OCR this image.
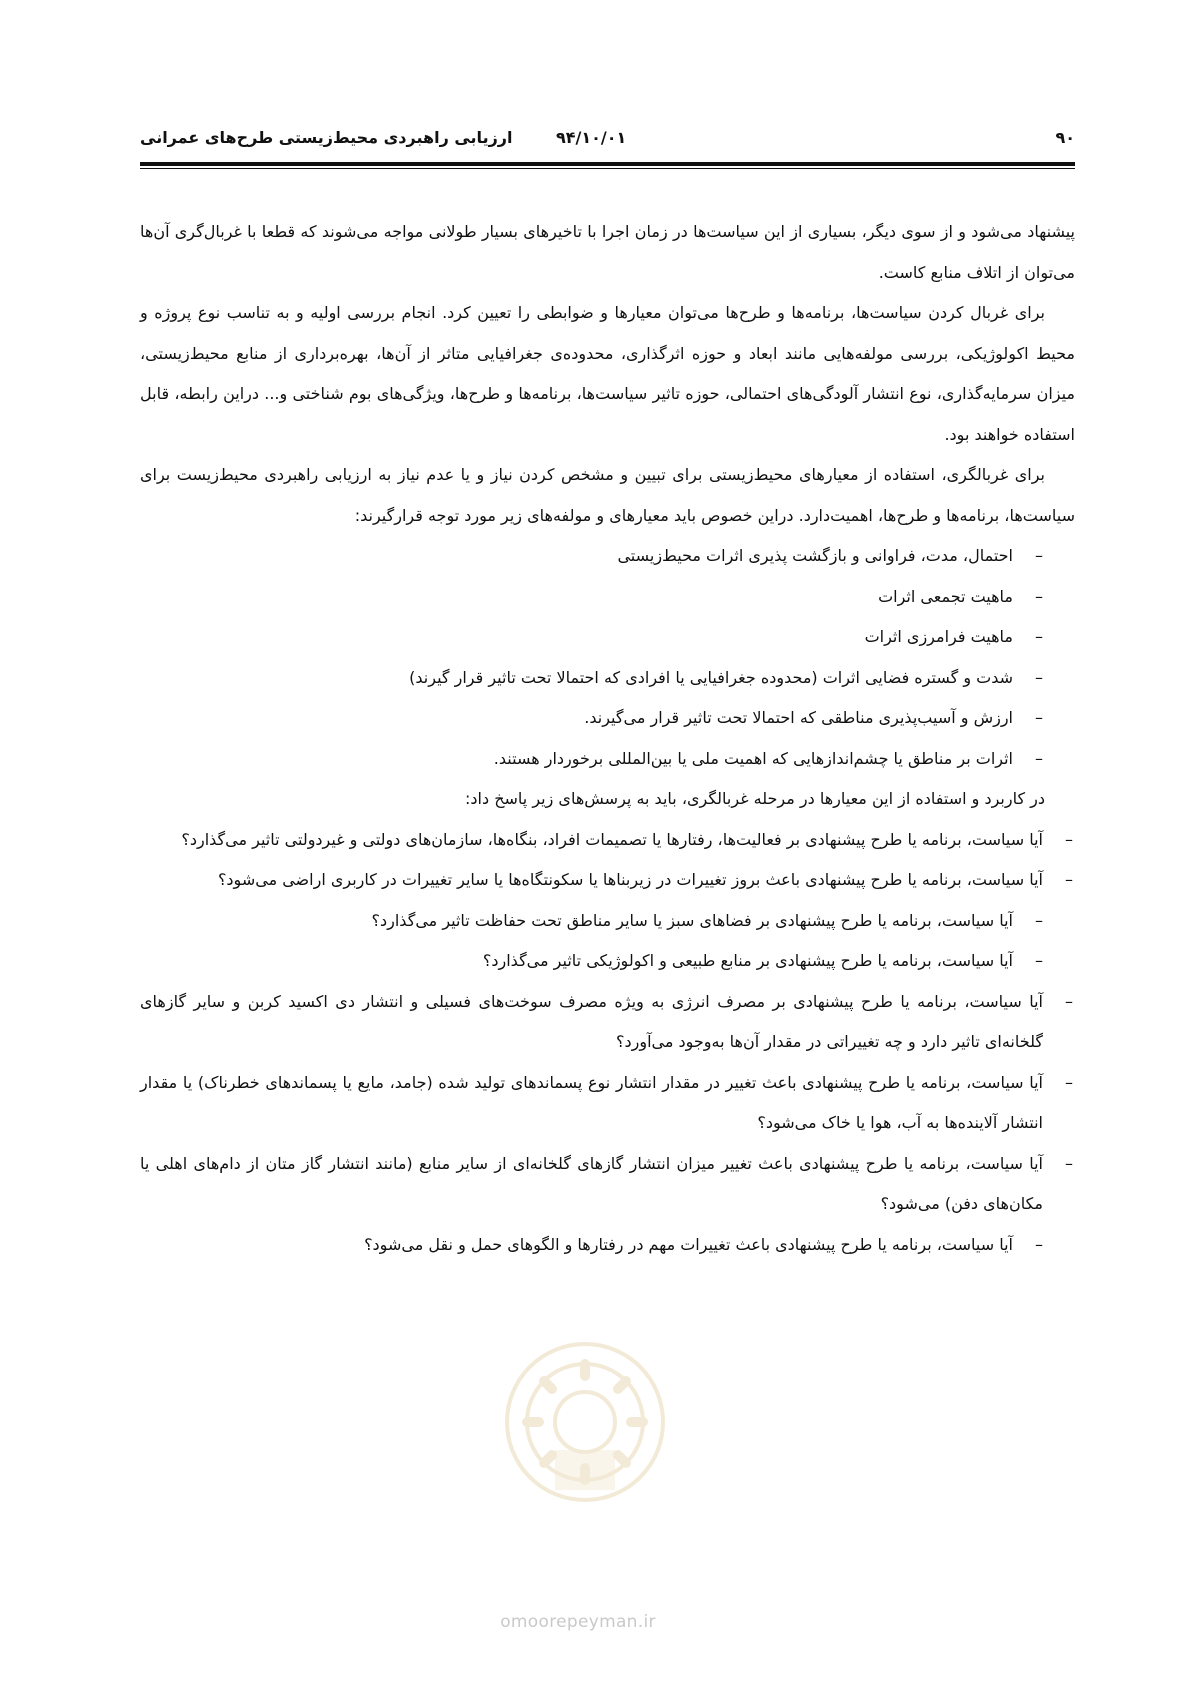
۹۰
۹۴/۱۰/۰۱
ارزیابی راهبردی محیط‌زیستی طرح‌های عمرانی

پیشنهاد می‌شود و از سوی دیگر، بسیاری از این سیاست‌ها در زمان اجرا با تاخیرهای بسیار طولانی مواجه می‌شوند که قطعا با غربال‌گری آن‌ها می‌توان از اتلاف منابع کاست.

برای غربال کردن سیاست‌ها، برنامه‌ها و طرح‌ها می‌توان معیارها و ضوابطی را تعیین کرد. انجام بررسی اولیه و به تناسب نوع پروژه و محیط اکولوژیکی، بررسی مولفه‌هایی مانند ابعاد و حوزه اثرگذاری، محدوده‌ی جغرافیایی متاثر از آن‌ها، بهره‌برداری از منابع محیط‌زیستی، میزان سرمایه‌گذاری، نوع انتشار آلودگی‌های احتمالی، حوزه تاثیر سیاست‌ها، برنامه‌ها و طرح‌ها، ویژگی‌های بوم شناختی و... دراین رابطه، قابل استفاده خواهند بود.

برای غربالگری، استفاده از معیارهای محیط‌زیستی برای تبیین و مشخص کردن نیاز و یا عدم نیاز به ارزیابی راهبردی محیط‌زیست برای سیاست‌ها، برنامه‌ها و طرح‌ها، اهمیت‌دارد. دراین خصوص باید معیارهای و مولفه‌های زیر مورد توجه قرارگیرند:

–
احتمال، مدت، فراوانی و بازگشت پذیری اثرات محیط‌زیستی
–
ماهیت تجمعی اثرات
–
ماهیت فرامرزی اثرات
–
شدت و گستره فضایی اثرات (محدوده جغرافیایی یا افرادی که احتمالا تحت تاثیر قرار گیرند)
–
ارزش و آسیب‌پذیری مناطقی که احتمالا تحت تاثیر قرار می‌گیرند.
–
اثرات بر مناطق یا چشم‌اندازهایی که اهمیت ملی یا بین‌المللی برخوردار هستند.

در کاربرد و استفاده از این معیارها در مرحله غربالگری، باید به پرسش‌های زیر پاسخ داد:

–
آیا سیاست، برنامه یا طرح پیشنهادی بر فعالیت‌ها، رفتارها یا تصمیمات افراد، بنگاه‌ها، سازمان‌های دولتی و غیردولتی تاثیر می‌گذارد؟
–
آیا سیاست، برنامه یا طرح پیشنهادی باعث بروز تغییرات در زیربناها یا سکونتگاه‌ها یا سایر تغییرات در کاربری اراضی می‌شود؟
–
آیا سیاست، برنامه یا طرح پیشنهادی بر فضاهای سبز یا سایر مناطق تحت حفاظت تاثیر می‌گذارد؟
–
آیا سیاست، برنامه یا طرح پیشنهادی بر منابع طبیعی و اکولوژیکی تاثیر می‌گذارد؟
–
آیا سیاست، برنامه یا طرح پیشنهادی بر مصرف انرژی به ویژه مصرف سوخت‌های فسیلی و انتشار دی اکسید کربن و سایر گازهای گلخانه‌ای تاثیر دارد و چه تغییراتی در مقدار آن‌ها به‌وجود می‌آورد؟
–
آیا سیاست، برنامه یا طرح پیشنهادی باعث تغییر در مقدار انتشار نوع پسماندهای تولید شده (جامد، مایع یا پسماندهای خطرناک) یا مقدار انتشار آلاینده‌ها به آب، هوا یا خاک می‌شود؟
–
آیا سیاست، برنامه یا طرح پیشنهادی باعث تغییر میزان انتشار گازهای گلخانه‌ای از سایر منابع (مانند انتشار گاز متان از دام‌های اهلی یا مکان‌های دفن) می‌شود؟
–
آیا سیاست، برنامه یا طرح پیشنهادی باعث تغییرات مهم در رفتارها و الگوهای حمل و نقل می‌شود؟
omoorepeyman.ir
